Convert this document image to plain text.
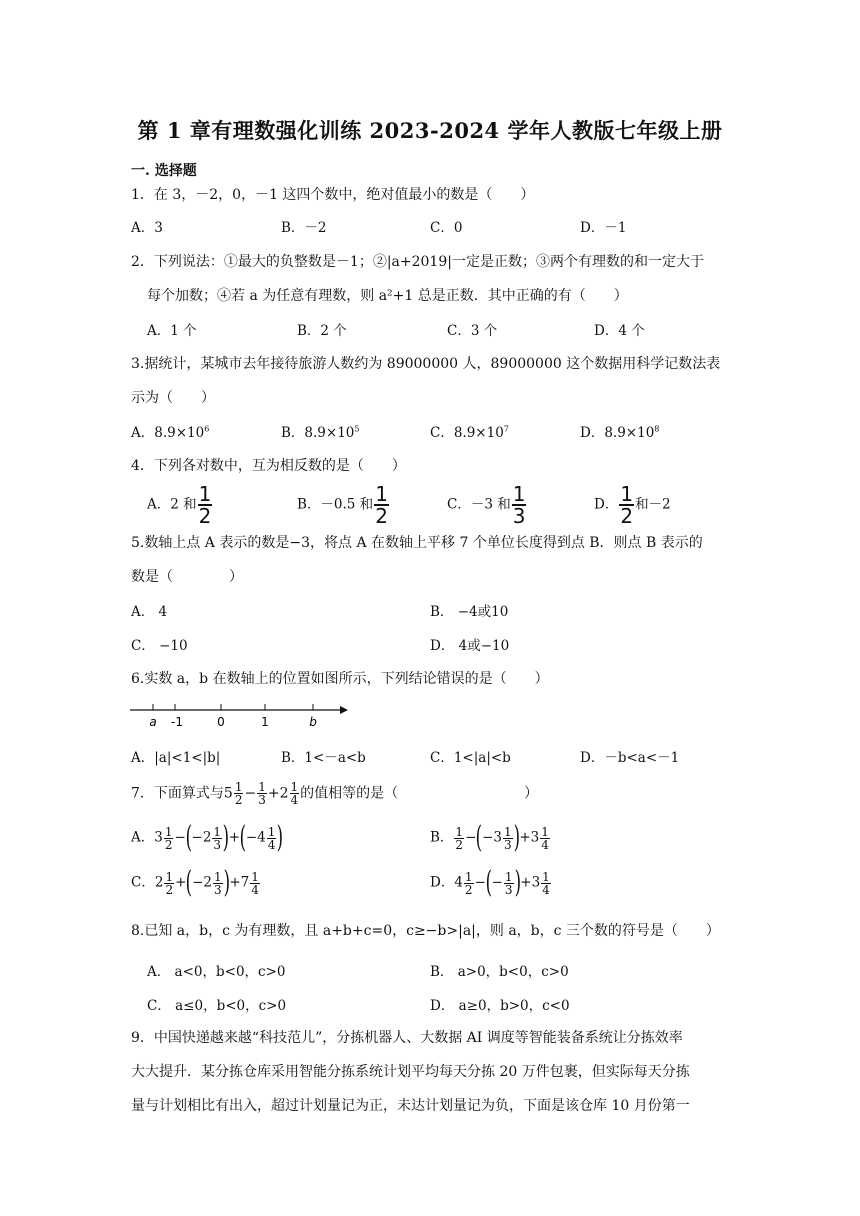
第 1 章有理数强化训练 2023-2024 学年人教版七年级上册
一. 选择题
1．在 3，－2，0，－1 这四个数中，绝对值最小的数是（　　）
A．3	B．－2	C．0	D．－1
2．下列说法：①最大的负整数是－1；②|a+2019|一定是正数；③两个有理数的和一定大于
每个加数；④若 a 为任意有理数，则 a²+1 总是正数．其中正确的有（　　）
A．1 个	B．2 个	C．3 个	D．4 个
3.据统计，某城市去年接待旅游人数约为 89000000 人，89000000 这个数据用科学记数法表
示为（　　）
A．$8.9\times 10^6$	B．$8.9\times 10^5$	C．$8.9\times 10^7$	D．$8.9\times 10^8$
4．下列各对数中，互为相反数的是（　　）
A．2 和 $\frac{1}{2}$	B．－0.5 和 $\frac{1}{2}$	C．－3 和 $\frac{1}{3}$	D． $\frac{1}{2}$ 和－2
5.数轴上点 A 表示的数是−3，将点 A 在数轴上平移 7 个单位长度得到点 B．则点 B 表示的
数是（　　　　）
A． 4	B． −4或10
C． −10	D． 4或−10
6.实数 a，b 在数轴上的位置如图所示，下列结论错误的是（　　）
a -1	0	1	b
A．|a|<1<|b|	B．1<－a<b	C．1<|a|<b	D．－b<a<－1
7．下面算式与$5 \frac{1}{2} - \frac{1}{3} +2 \frac{1}{4}$ 的值相等的是（　　　　　　　　　）
A．$3 \frac{1}{2} -(-2 \frac{1}{3} )+(-4 \frac{1}{4}$ )	B． $\frac{1}{2} -(-3 \frac{1}{3} )+3 \frac{1}{4}$
C．$2 \frac{1}{2} +(-2 \frac{1}{3} )+7 \frac{1}{4}$	D．$4 \frac{1}{2}$ −(− $\frac{1}{3} )+3 \frac{1}{4}$
8.已知 a，b，c 为有理数，且 a+b+c=0，c≥−b>|a|，则 a，b，c 三个数的符号是（　　）
A． a<0，b<0，c>0	B． a>0，b<0，c>0
C． a≤0，b<0，c>0	D． a≥0，b>0，c<0
9．中国快递越来越“科技范儿”，分拣机器人、大数据 AI 调度等智能装备系统让分拣效率
大大提升．某分拣仓库采用智能分拣系统计划平均每天分拣 20 万件包裹，但实际每天分拣
量与计划相比有出入，超过计划量记为正，未达计划量记为负，下面是该仓库 10 月份第一
